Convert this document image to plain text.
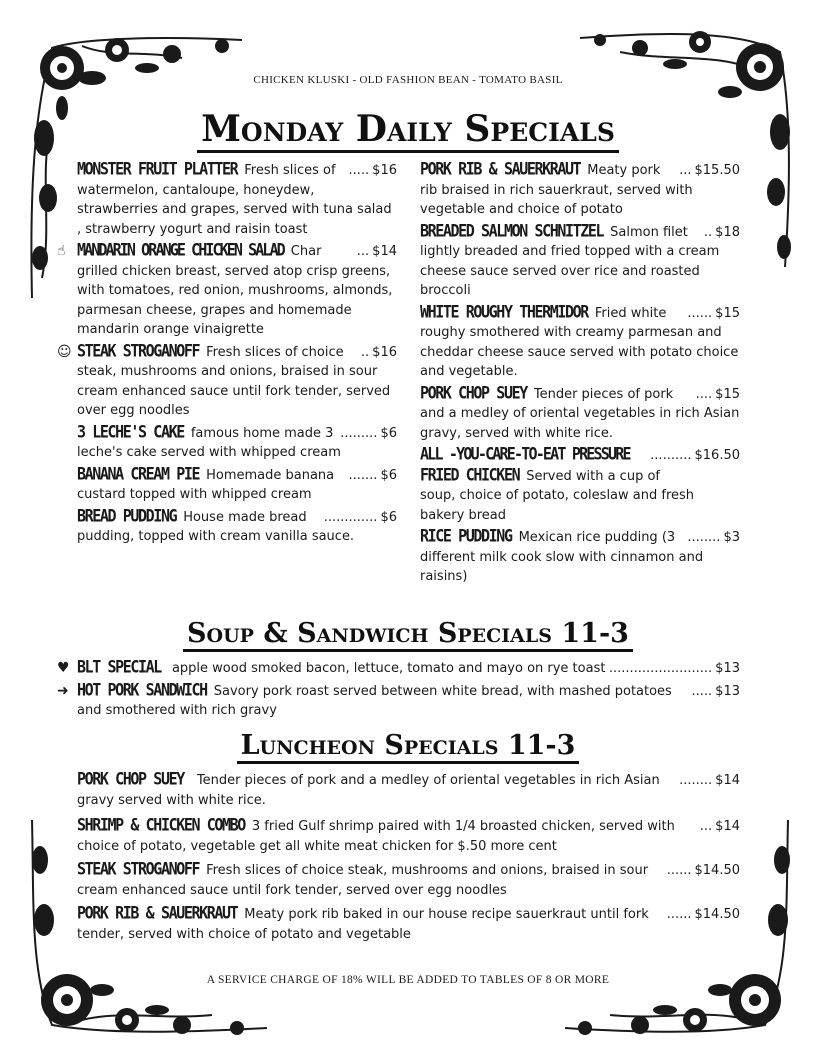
CHICKEN KLUSKI - OLD FASHION BEAN - TOMATO BASIL
Monday Daily Specials
MONSTER FRUIT PLATTER Fresh slices of ..... $16
watermelon, cantaloupe, honeydew, strawberries and grapes, served with tuna salad , strawberry yogurt and raisin toast
☝ MANDARIN ORANGE CHICKEN SALAD Char	... $14
grilled chicken breast, served atop crisp greens, with tomatoes, red onion, mushrooms, almonds, parmesan cheese, grapes and homemade mandarin orange vinaigrette
☺ STEAK STROGANOFF Fresh slices of choice	.. $16
steak, mushrooms and onions, braised in sour cream enhanced sauce until fork tender, served over egg noodles
3 LECHE'S CAKE famous home made 3 ......... $6
leche's cake served with whipped cream
BANANA CREAM PIE Homemade banana	....... $6
custard topped with whipped cream
BREAD PUDDING House made bread	............. $6
pudding, topped with cream vanilla sauce.
PORK RIB & SAUERKRAUT Meaty pork	... $15.50
rib braised in rich sauerkraut, served with vegetable and choice of potato
BREADED SALMON SCHNITZEL Salmon filet	.. $18
lightly breaded and fried topped with a cream cheese sauce served over rice and roasted broccoli
WHITE ROUGHY THERMIDOR Fried white	...... $15
roughy smothered with creamy parmesan and cheddar cheese sauce served with potato choice and vegetable.
PORK CHOP SUEY Tender pieces of pork	.... $15
and a medley of oriental vegetables in rich Asian gravy, served with white rice.
ALL -YOU-CARE-TO-EAT PRESSURE .......... $16.50
FRIED CHICKEN Served with a cup of
soup, choice of potato, coleslaw and fresh bakery bread
RICE PUDDING Mexican rice pudding (3 ........ $3
different milk cook slow with cinnamon and raisins)
Soup & Sandwich Specials 11-3
♥ BLT SPECIAL apple wood smoked bacon, lettuce, tomato and mayo on rye toast ......................... $13
➜ HOT PORK SANDWICH Savory pork roast served between white bread, with mashed potatoes	..... $13
and smothered with rich gravy
Luncheon Specials 11-3
PORK CHOP SUEY Tender pieces of pork and a medley of oriental vegetables in rich Asian	........ $14
gravy served with white rice.
SHRIMP & CHICKEN COMBO 3 fried Gulf shrimp paired with 1/4 broasted chicken, served with	... $14
choice of potato, vegetable get all white meat chicken for $.50 more cent
STEAK STROGANOFF Fresh slices of choice steak, mushrooms and onions, braised in sour	...... $14.50
cream enhanced sauce until fork tender, served over egg noodles
PORK RIB & SAUERKRAUT Meaty pork rib baked in our house recipe sauerkraut until fork	...... $14.50
tender, served with choice of potato and vegetable
A SERVICE CHARGE OF 18% WILL BE ADDED TO TABLES OF 8 OR MORE
